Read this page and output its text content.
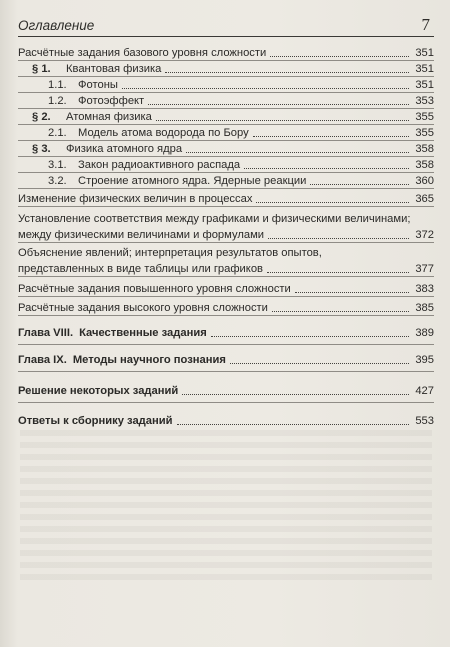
Оглавление	7
Расчётные задания базового уровня сложности	351
§ 1.	Квантовая физика	351
1.1.	Фотоны	351
1.2.	Фотоэффект	353
§ 2.	Атомная физика	355
2.1.	Модель атома водорода по Бору	355
§ 3.	Физика атомного ядра	358
3.1.	Закон радиоактивного распада	358
3.2.	Строение атомного ядра. Ядерные реакции	360
Изменение физических величин в процессах	365
Установление соответствия между графиками и физическими величинами;
между физическими величинами и формулами	372
Объяснение явлений; интерпретация результатов опытов,
представленных в виде таблицы или графиков	377
Расчётные задания повышенного уровня сложности	383
Расчётные задания высокого уровня сложности	385
Глава VIII. Качественные задания	389
Глава IX. Методы научного познания	395
Решение некоторых заданий	427
Ответы к сборнику заданий	553
